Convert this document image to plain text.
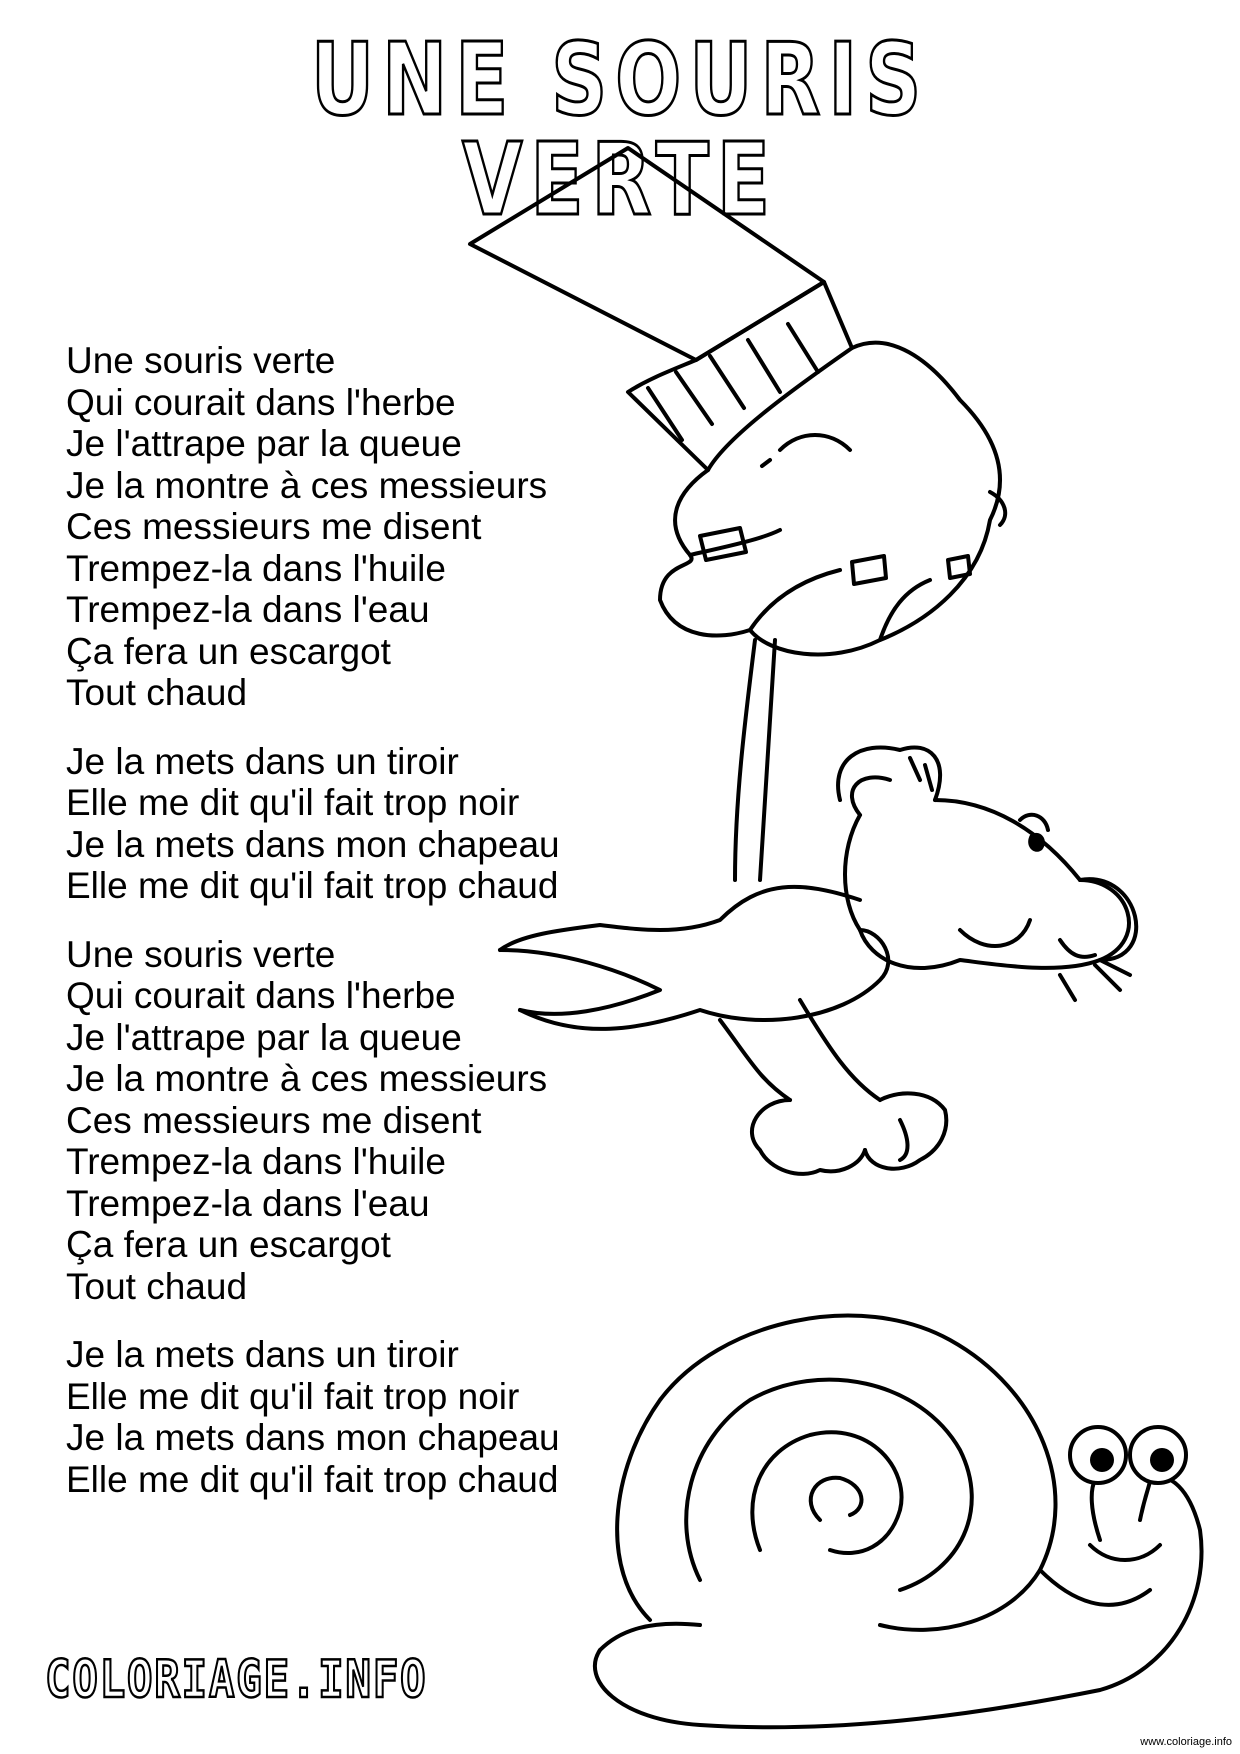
UNE SOURIS VERTE
Une souris verte
Qui courait dans l'herbe
Je l'attrape par la queue
Je la montre à ces messieurs
Ces messieurs me disent
Trempez-la dans l'huile
Trempez-la dans l'eau
Ça fera un escargot
Tout chaud
Je la mets dans un tiroir
Elle me dit qu'il fait trop noir
Je la mets dans mon chapeau
Elle me dit qu'il fait trop chaud
Une souris verte
Qui courait dans l'herbe
Je l'attrape par la queue
Je la montre à ces messieurs
Ces messieurs me disent
Trempez-la dans l'huile
Trempez-la dans l'eau
Ça fera un escargot
Tout chaud
Je la mets dans un tiroir
Elle me dit qu'il fait trop noir
Je la mets dans mon chapeau
Elle me dit qu'il fait trop chaud
COLORIAGE.INFO
www.coloriage.info
